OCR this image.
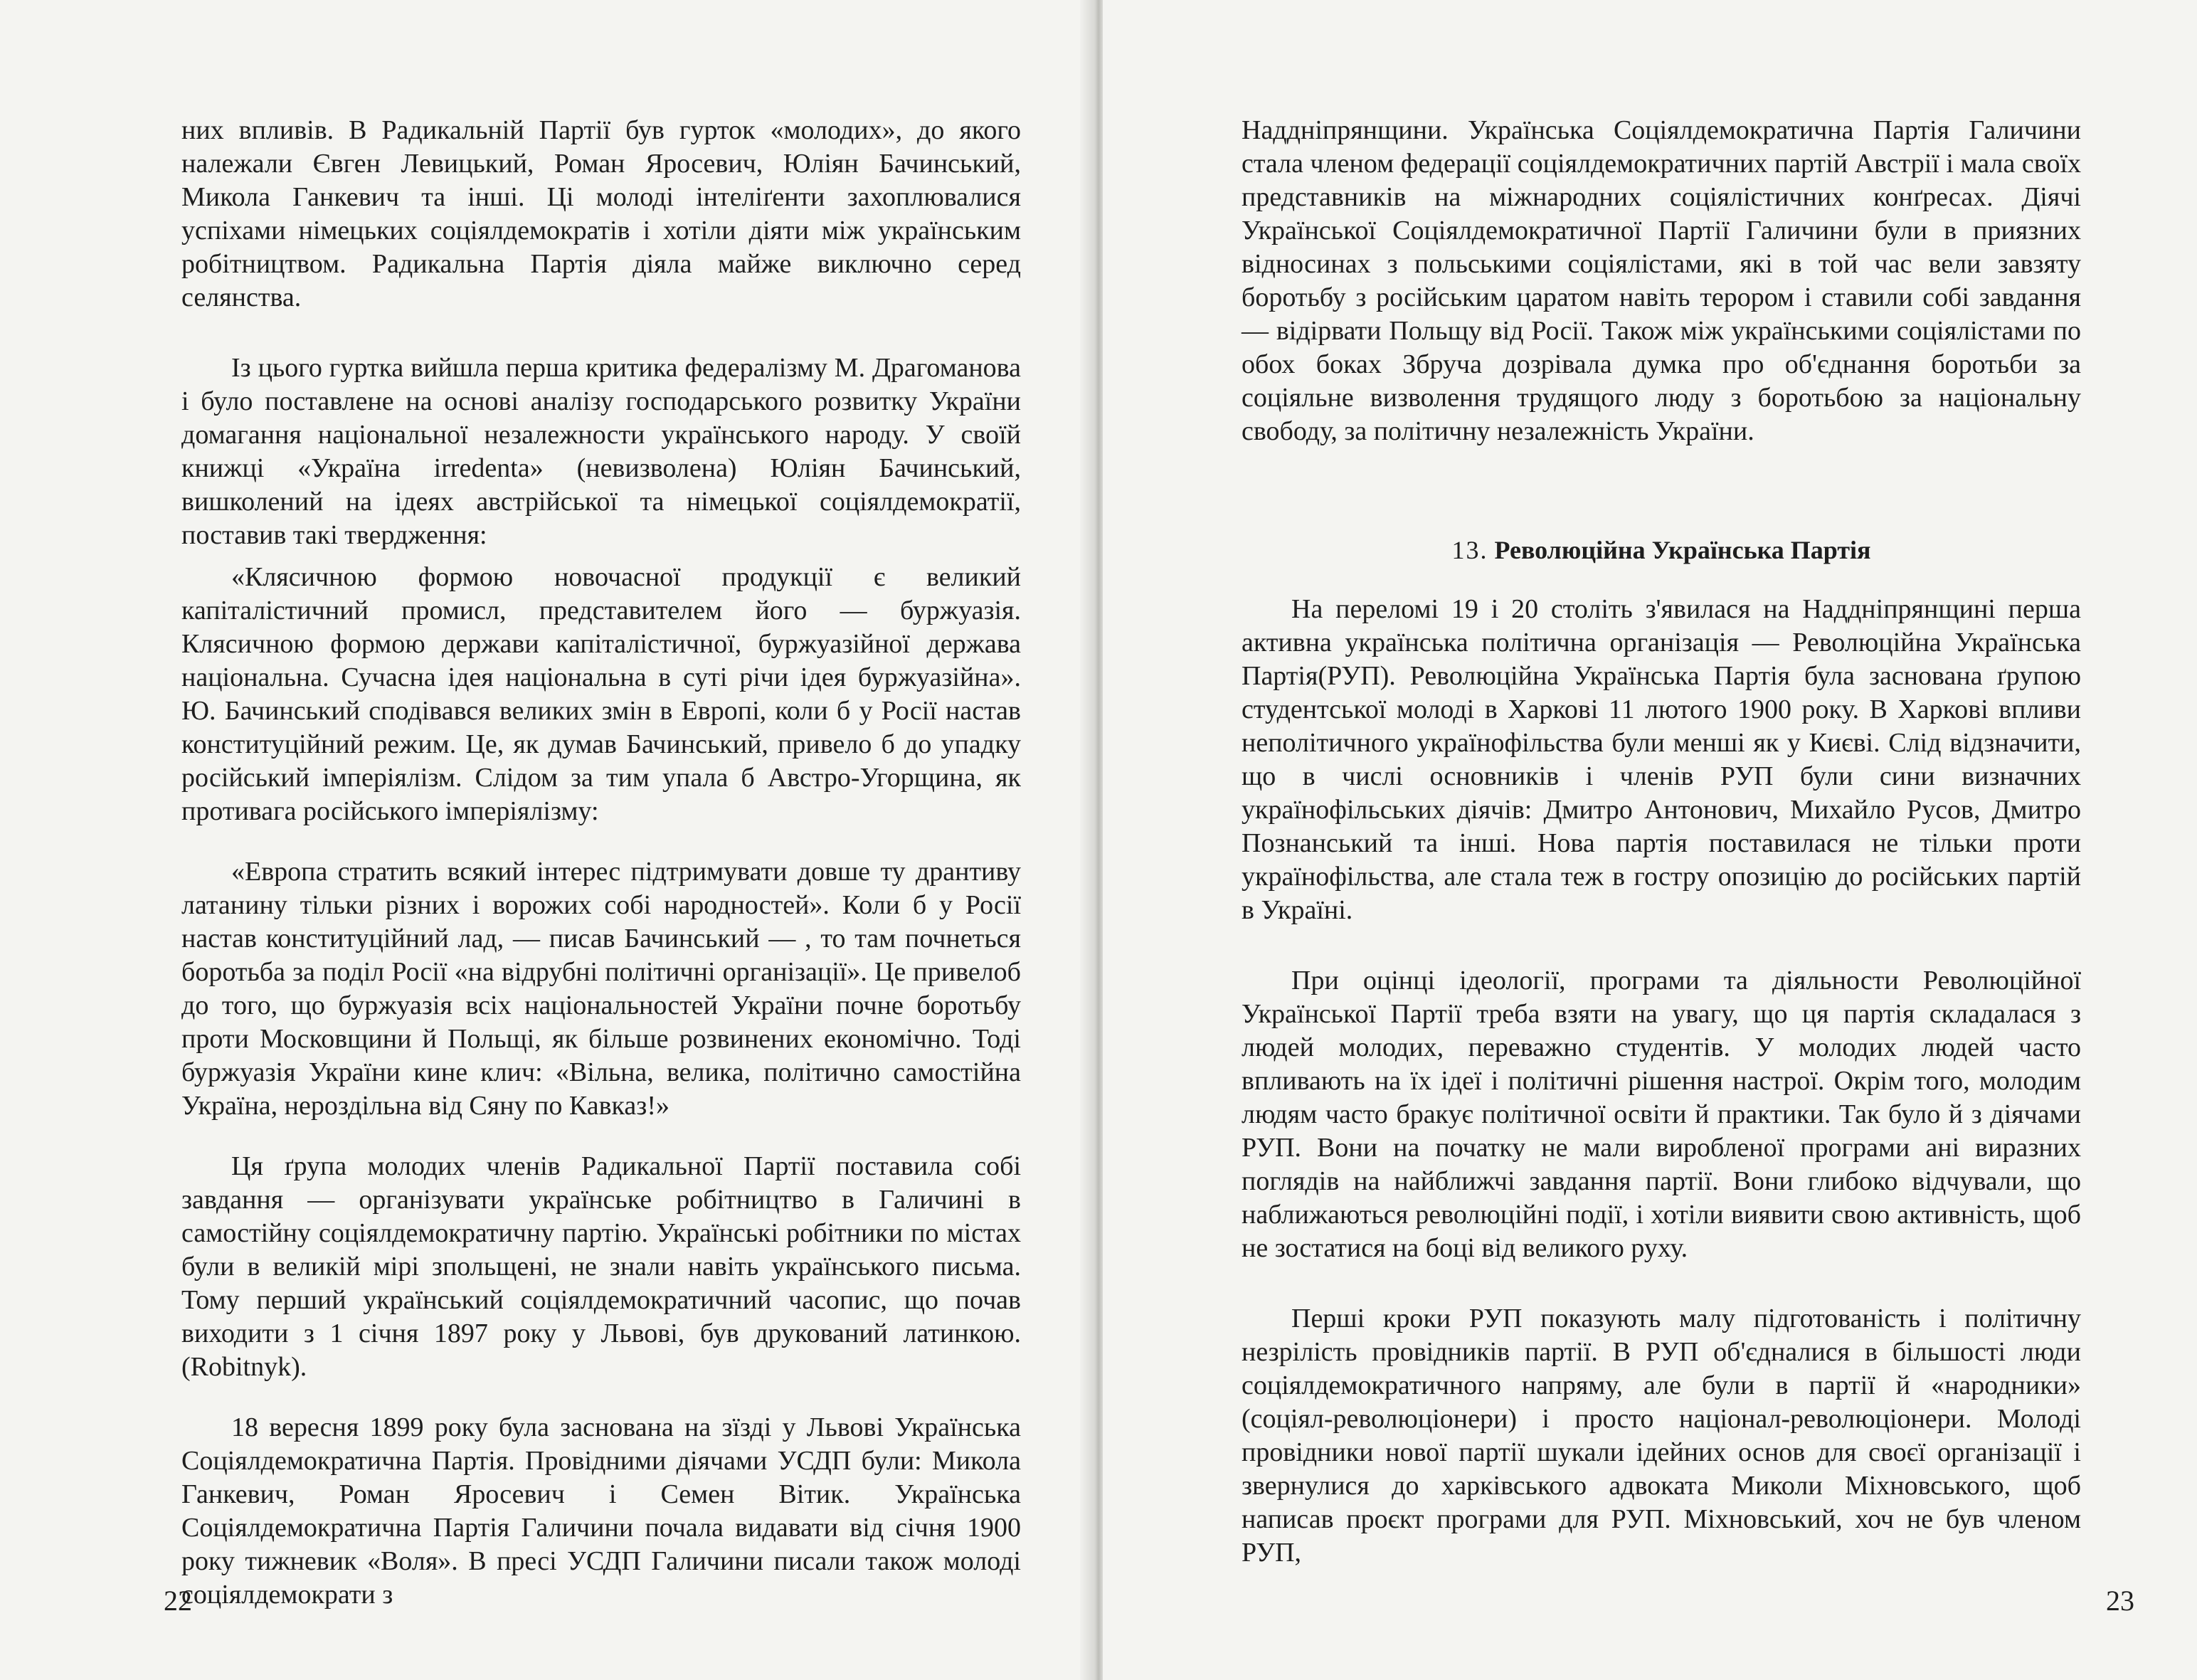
них впливів. В Радикальній Партії був гурток «молодих», до якого належали Євген Левицький, Роман Яросевич, Юліян Бачинський, Микола Ганкевич та інші. Ці молоді інтеліґенти захоплювалися успіхами німецьких соціялдемократів і хотіли діяти між українським робітництвом. Радикальна Партія діяла майже виключно серед селянства.

Із цього гуртка вийшла перша критика федералізму М. Драгоманова і було поставлене на основі аналізу господарського розвитку України домагання національної незалежности українського народу. У своїй книжці «Україна irredenta» (невизволена) Юліян Бачинський, вишколений на ідеях австрійської та німецької соціялдемократії, поставив такі твердження:

«Клясичною формою новочасної продукції є великий капіталістичний промисл, представителем його — буржуазія. Клясичною формою держави капіталістичної, буржуазійної держава національна. Сучасна ідея національна в суті річи ідея буржуазійна». Ю. Бачинський сподівався великих змін в Европі, коли б у Росії настав конституційний режим. Це, як думав Бачинський, привело б до упадку російський імперіялізм. Слідом за тим упала б Австро-Угорщина, як противага російського імперіялізму:

«Европа стратить всякий інтерес підтримувати довше ту дрантиву латанину тільки різних і ворожих собі народностей». Коли б у Росії настав конституційний лад, — писав Бачинський — , то там почнеться боротьба за поділ Росії «на відрубні політичні організації». Це привелоб до того, що буржуазія всіх національностей України почне боротьбу проти Московщини й Польщі, як більше розвинених економічно. Тоді буржуазія України кине клич: «Вільна, велика, політично самостійна Україна, нероздільна від Сяну по Кавказ!»

Ця ґрупа молодих членів Радикальної Партії поставила собі завдання — організувати українське робітництво в Галичині в самостійну соціялдемократичну партію. Українські робітники по містах були в великій мірі зпольщені, не знали навіть українського письма. Тому перший український соціялдемократичний часопис, що почав виходити з 1 січня 1897 року у Львові, був друкований латинкою. (Robitnyk).

18 вересня 1899 року була заснована на зїзді у Львові Українська Соціялдемократична Партія. Провідними діячами УСДП були: Микола Ганкевич, Роман Яросевич і Семен Вітик. Українська Соціялдемократична Партія Галичини почала видавати від січня 1900 року тижневик «Воля». В пресі УСДП Галичини писали також молоді соціялдемократи з

22

Наддніпрянщини. Українська Соціялдемократична Партія Галичини стала членом федерації соціялдемократичних партій Австрії і мала своїх представників на міжнародних соціялістичних конґресах. Діячі Української Соціялдемократичної Партії Галичини були в приязних відносинах з польськими соціялістами, які в той час вели завзяту боротьбу з російським царатом навіть терором і ставили собі завдання — відірвати Польщу від Росії. Також між українськими соціялістами по обох боках Збруча дозрівала думка про об'єднання боротьби за соціяльне визволення трудящого люду з боротьбою за національну свободу, за політичну незалежність України.

13. Революційна Українська Партія

На переломі 19 і 20 століть з'явилася на Наддніпрянщині перша активна українська політична організація — Революційна Українська Партія(РУП). Революційна Українська Партія була заснована ґрупою студентської молоді в Харкові 11 лютого 1900 року. В Харкові впливи неполітичного українофільства були менші як у Києві. Слід відзначити, що в числі основників і членів РУП були сини визначних українофільських діячів: Дмитро Антонович, Михайло Русов, Дмитро Познанський та інші. Нова партія поставилася не тільки проти українофільства, але стала теж в гостру опозицію до російських партій в Україні.

При оцінці ідеології, програми та діяльности Революційної Української Партії треба взяти на увагу, що ця партія складалася з людей молодих, переважно студентів. У молодих людей часто впливають на їх ідеї і політичні рішення настрої. Окрім того, молодим людям часто бракує політичної освіти й практики. Так було й з діячами РУП. Вони на початку не мали виробленої програми ані виразних поглядів на найближчі завдання партії. Вони глибоко відчували, що наближаються революційні події, і хотіли виявити свою активність, щоб не зостатися на боці від великого руху.

Перші кроки РУП показують малу підготованість і політичну незрілість провідників партії. В РУП об'єдналися в більшості люди соціялдемократичного напряму, але були в партії й «народники» (соціял-революціонери) і просто націонал-революціонери. Молоді провідники нової партії шукали ідейних основ для своєї організації і звернулися до харківського адвоката Миколи Міхновського, щоб написав проєкт програми для РУП. Міхновський, хоч не був членом РУП,

23
